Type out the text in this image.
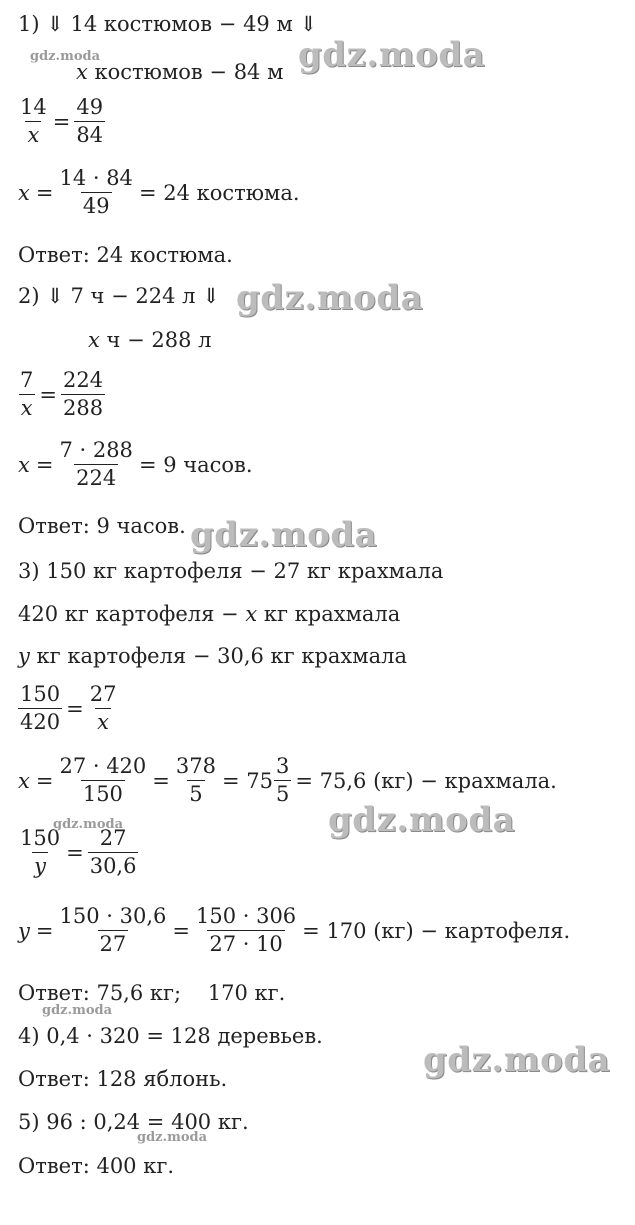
1) ⇓ 14 костюмов − 49 м ⇓
x костюмов − 84 м
$\frac{14}{x} = \frac{49}{84}$
$x = \frac{14 \cdot 84}{49} = 24$ костюма.
Ответ: 24 костюма.
2) ⇓ 7 ч − 224 л ⇓
x ч − 288 л
$\frac{7}{x} = \frac{224}{288}$
$x = \frac{7 \cdot 288}{224} = 9$ часов.
Ответ: 9 часов.
3) 150 кг картофеля − 27 кг крахмала
420 кг картофеля − x кг крахмала
y кг картофеля − 30,6 кг крахмала
$\frac{150}{420} = \frac{27}{x}$
$x = \frac{27 \cdot 420}{150} = \frac{378}{5} = 75 \frac{3}{5} = 75,6$ (кг) − крахмала.
$\frac{150}{y} = \frac{27}{30,6}$
$y = \frac{150 \cdot 30,6}{27} = \frac{150 \cdot 306}{27 \cdot 10} = 170$ (кг) − картофеля.
Ответ: 75,6 кг;    170 кг.
4) 0,4 · 320 = 128 деревьев.
Ответ: 128 яблонь.
5) 96 : 0,24 = 400 кг.
Ответ: 400 кг.
gdz.moda	gdz.moda
gdz.moda
gdz.moda
gdz.moda	gdz.moda
gdz.moda
gdz.moda
gdz.moda
